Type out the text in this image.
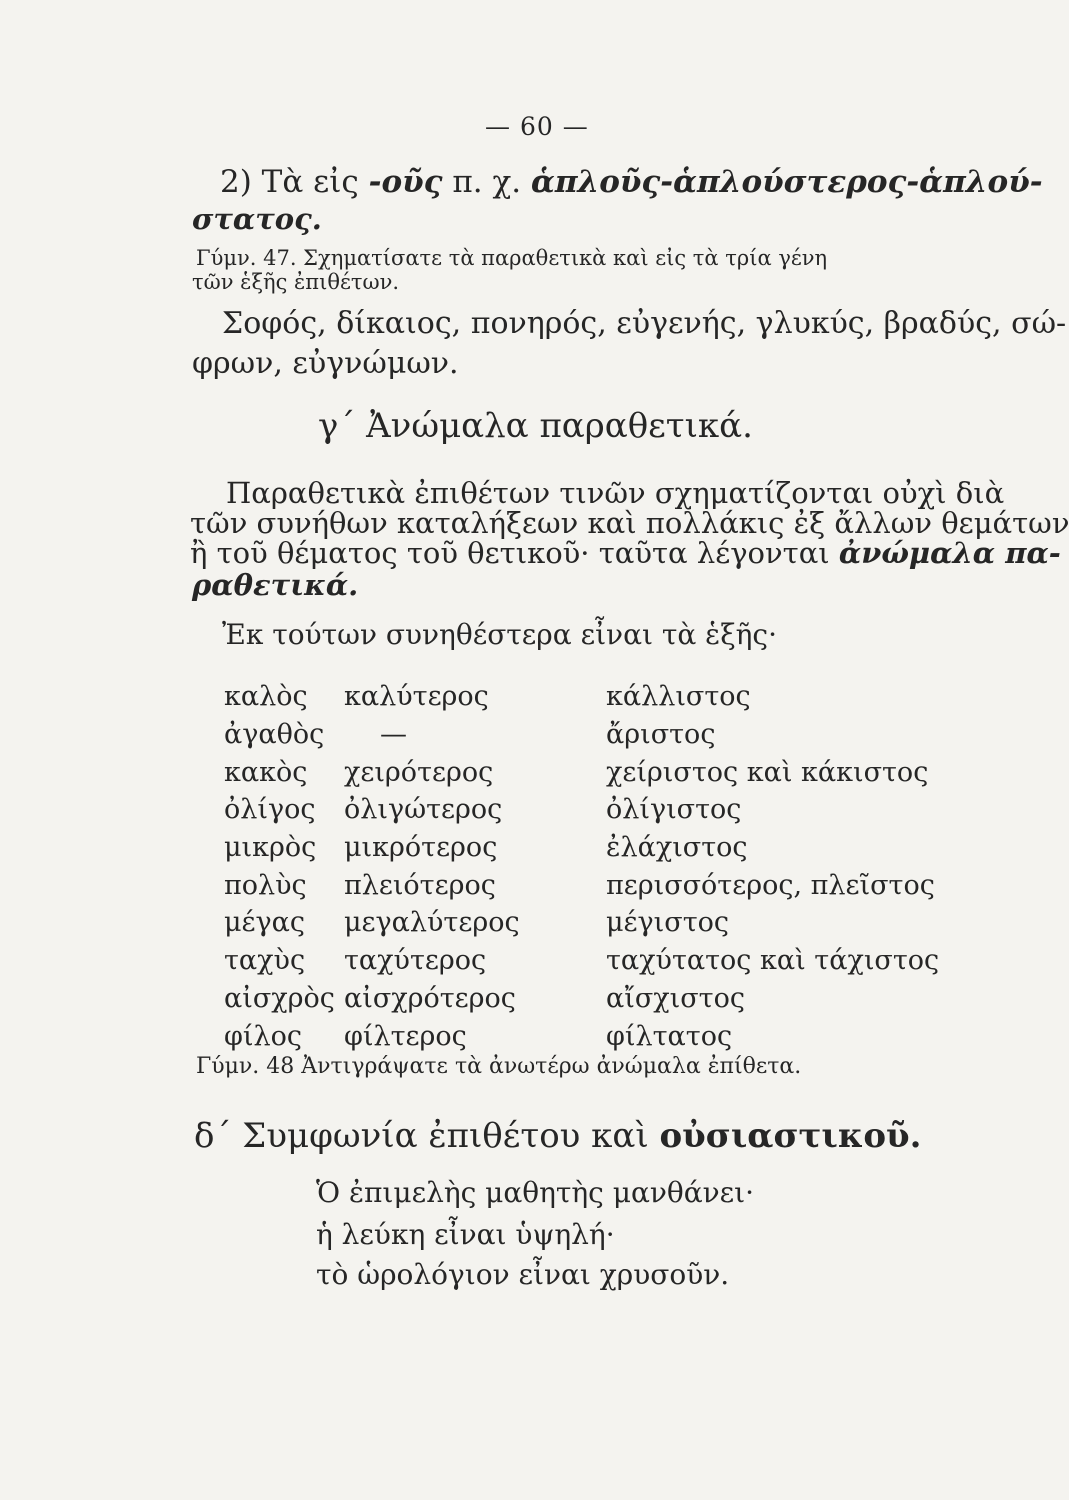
— 60 —
2) Τὰ εἰς -οῦς π. χ. ἁπλοῦς-ἁπλούστερος-ἁπλού-
στατος.
Γύμν. 47. Σχηματίσατε τὰ παραθετικὰ καὶ εἰς τὰ τρία γένη
τῶν ἑξῆς ἐπιθέτων.
Σοφός, δίκαιος, πονηρός, εὐγενής, γλυκύς, βραδύς, σώ-
φρων, εὐγνώμων.
γ΄ Ἀνώμαλα παραθετικά.
Παραθετικὰ ἐπιθέτων τινῶν σχηματίζονται οὐχὶ διὰ
τῶν συνήθων καταλήξεων καὶ πολλάκις ἐξ ἄλλων θεμάτων
ἢ τοῦ θέματος τοῦ θετικοῦ· ταῦτα λέγονται ἀνώμαλα πα-
ραθετικά.
Ἐκ τούτων συνηθέστερα εἶναι τὰ ἑξῆς·
καλὸς	καλύτερος	κάλλιστος
ἀγαθὸς	—	ἄριστος
κακὸς	χειρότερος	χείριστος καὶ κάκιστος
ὀλίγος	ὀλιγώτερος	ὀλίγιστος
μικρὸς	μικρότερος	ἐλάχιστος
πολὺς	πλειότερος	περισσότερος, πλεῖστος
μέγας	μεγαλύτερος	μέγιστος
ταχὺς	ταχύτερος	ταχύτατος καὶ τάχιστος
αἰσχρὸς	αἰσχρότερος	αἴσχιστος
φίλος	φίλτερος	φίλτατος
Γύμν. 48 Ἀντιγράψατε τὰ ἀνωτέρω ἀνώμαλα ἐπίθετα.
δ΄ Συμφωνία ἐπιθέτου καὶ οὐσιαστικοῦ.
Ὁ ἐπιμελὴς μαθητὴς μανθάνει·
ἡ λεύκη εἶναι ὑψηλή·
τὸ ὡρολόγιον εἶναι χρυσοῦν.
